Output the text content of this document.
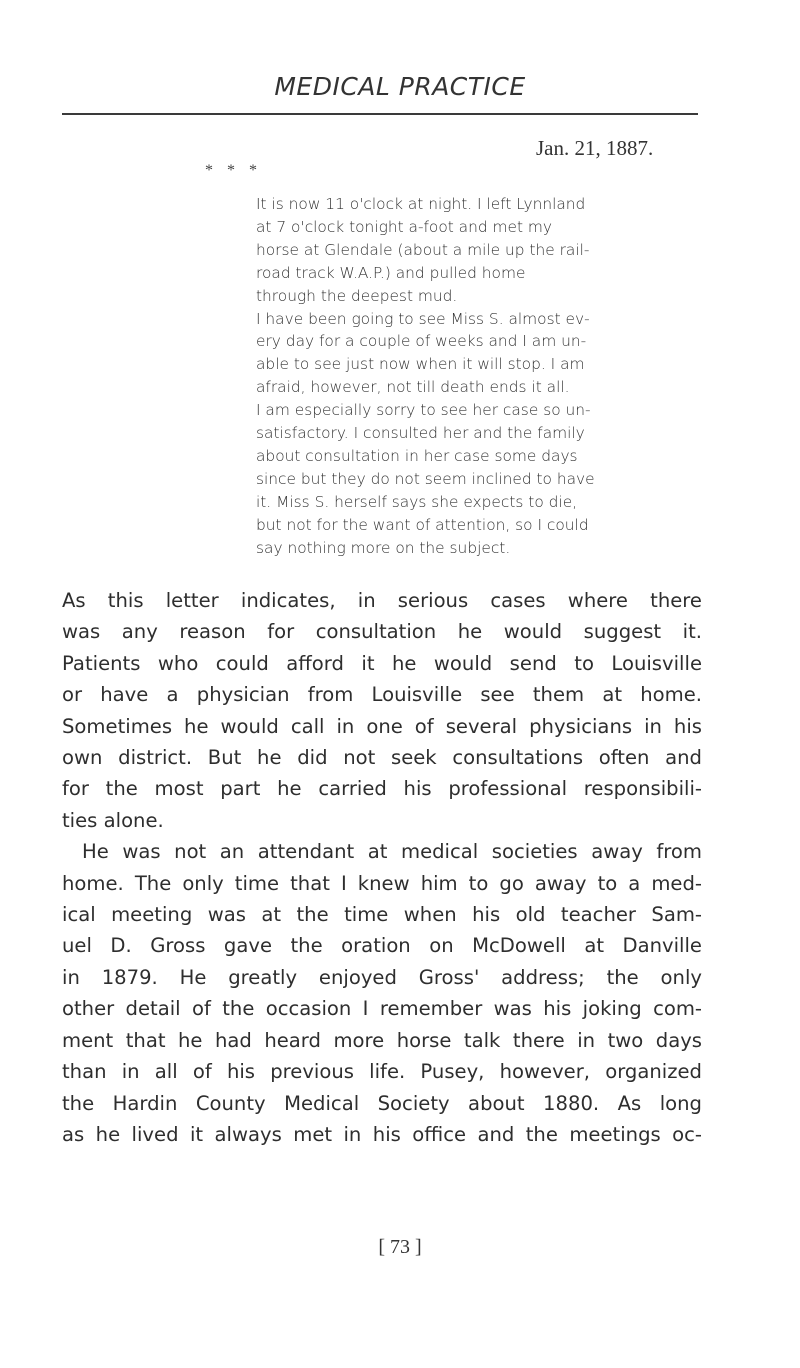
MEDICAL PRACTICE
Jan. 21, 1887.
* * *

It is now 11 o'clock at night. I left Lynnland

at 7 o'clock tonight a-foot and met my

horse at Glendale (about a mile up the rail-

road track W.A.P.) and pulled home

through the deepest mud.

I have been going to see Miss S. almost ev-

ery day for a couple of weeks and I am un-

able to see just now when it will stop. I am

afraid, however, not till death ends it all.

I am especially sorry to see her case so un-

satisfactory. I consulted her and the family

about consultation in her case some days

since but they do not seem inclined to have

it. Miss S. herself says she expects to die,

but not for the want of attention, so I could

say nothing more on the subject.

As this letter indicates, in serious cases where there
was any reason for consultation he would suggest it.
Patients who could afford it he would send to Louisville
or have a physician from Louisville see them at home.
Sometimes he would call in one of several physicians in his
own district. But he did not seek consultations often and
for the most part he carried his professional responsibili-
ties alone.
He was not an attendant at medical societies away from
home. The only time that I knew him to go away to a med-
ical meeting was at the time when his old teacher Sam-
uel D. Gross gave the oration on McDowell at Danville
in 1879. He greatly enjoyed Gross' address; the only
other detail of the occasion I remember was his joking com-
ment that he had heard more horse talk there in two days
than in all of his previous life. Pusey, however, organized
the Hardin County Medical Society about 1880. As long
as he lived it always met in his office and the meetings oc-
[ 73 ]
